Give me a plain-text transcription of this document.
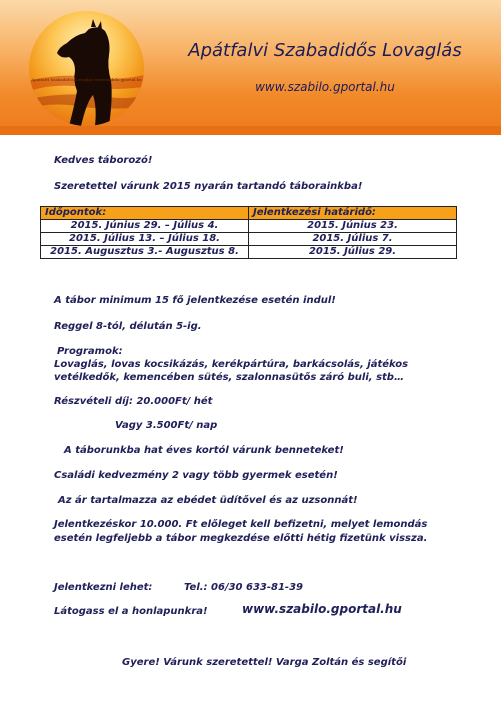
Apátfalvi Szabadidős Lovaglás www.szabilo.gportal.hu
Apátfalvi Szabadidős Lovaglás
www.szabilo.gportal.hu
Kedves táborozó!
Szeretettel várunk 2015 nyarán tartandó táborainkba!
Időpontok:	Jelentkezési határidő:
2015. Június 29. – Július 4.	2015. Június 23.
2015. Július 13. – Július 18.	2015. Július 7.
2015. Augusztus 3.- Augusztus 8.	2015. Július 29.
A tábor minimum 15 fő jelentkezése esetén indul!
Reggel 8-tól, délután 5-ig.
Programok:
Lovaglás, lovas kocsikázás, kerékpártúra, barkácsolás, játékos
vetélkedők, kemencében sütés, szalonnasütős záró buli, stb…
Részvételi díj: 20.000Ft/ hét
Vagy 3.500Ft/ nap
A táborunkba hat éves kortól várunk benneteket!
Családi kedvezmény 2 vagy több gyermek esetén!
Az ár tartalmazza az ebédet üdítővel és az uzsonnát!
Jelentkezéskor 10.000. Ft előleget kell befizetni, melyet lemondás
esetén legfeljebb a tábor megkezdése előtti hétig fizetünk vissza.
Jelentkezni lehet:	Tel.: 06/30 633-81-39
Látogass el a honlapunkra!	www.szabilo.gportal.hu
Gyere! Várunk szeretettel! Varga Zoltán és segítői
